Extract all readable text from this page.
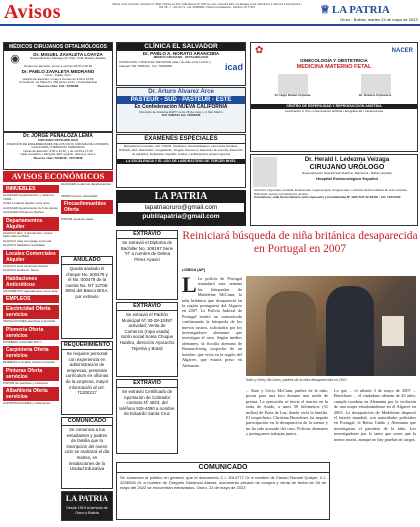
Avisos	Oficina Oruro (Central): Camacho Nº 1892 • Oficina La Paz: Calle Mexico Nº 1632 (ex-esq. Colombia Edif. Los Rosales Local, Mezzanine 1 Oficina 6 Cocha-bamba • Telf: 08 - 7 - 201 20 74 - Cel. 62984368 • Oficina Cochabamba - Telefono: 64 77207
♕	LA PATRIA
Oruro - Bolivia, martes 23 de mayo de 2023
MÉDICOS CIRUJANOS OFTALMÓLOGOS
◉	Dr. MIGUEL ZAVALETA LOAYZA
Especialización Santiago de Chile, Chile Madrid, España
Horario de atención: Lunes a viernes 18:30 a 20:00
Dr. PABLO ZAVALETA MEDRANO
Lima - Trujillo, Perú
Horario de atención: Lunes a viernes de 9:00 a 12:00
Consultorio: La Plata No. 152 (entre Junín y Cochabamba)
Reserve citas: Telf.: 5250688
Dr. JORGE PEÑALOZA LEMA
CIRUJANO OFTALMÓLOGO
ATENCIÓN DE ENFERMEDADES DE LOS OJOS, CIRUGÍA DE CATARATA, GLAUCOMA, PTERIGION, PARPADOS
Horas de atención: 8:00 a 11:30, y de 14:00 a 17:30
Calle Camacho y Murguía, Edif. Ignacio, oficina 2, piso 1
Reserve citas: 5250640 - 72474838
AVISOS ECONÓMICOS
INMUEBLES
ALQUILER departamentos y casas tel 72463 ...
CASA 4 cuartos alquiler zona norte
ALQUILER departamento Av 6 de Agosto
ALQUILER oficinas Av. Bolívar
Departamentos Alquiler
ALQUILO dpto. 2 dormitorios, cocina, baño calle La Plata
ALQUILO casa con garaje zona sud
ALQUILO habitación amoblada
Locales Comerciales Alquiler
ALQUILO local comercial céntrico
ALQUILO tienda Av. Tacna
Habitaciones Anticréticos
ANTICRÉTICO departamento zona norte
EMPLEOS
Electricidad Oferta servicios
INSTALACIONES eléctricas a domicilio
Plomería Oferta servicios
PLOMERO a domicilio Telf 7...
Carpintería Oferta servicios
MUEBLES a medida, precios cómodos
Pinturas Oferta servicios
PINTOR de interiores y exteriores
Albañilería Oferta servicios
CONSTRUCCIONES y refacciones
ALQUILER modernos departamentos
VENDO terreno urbanizado
Fincas/Inmuebles Oferta
PINTOR venta de casas
ANULADO
Queda anulado el cheque No. 000478 y el No. 000479 de la cuenta No. NT 12708-8004 del Banco BISA, por extravío
REQUERIMIENTO
Se requiere personal con experiencia en administración de empresas, presentar currículum en oficinas de la empresa, mayor información al cel. 71200217
COMUNICADO
Se comunica a los estudiantes y padres de familia que la inscripción del nuevo ciclo se realizará el día martes, en instalaciones de la Unidad Educativa
LA PATRIA
Desde 1919 al servicio de Oruro y Bolivia
CLÍNICA EL SALVADOR
Dr. PABLO A. NORATO ARANCIBIA
MÉDICO CIRUJANO - OFTALMÓLOGO
CONSULTAS: CLÍNICA EL SALVADOR calle Luis Ade entre La Paz y Vásquez Telf: 5281234 - Cel. 72460088	icad
Dr. Arturo Álvarez Arce
PASTEUR - SUD - PASTEUR - ESTE
Ex Confederación NUEVA CALIFORNIA
Dirección de Horarios E4077 entre 28 de mayo y C.San Martín
Telf. 5283131 Cel. 72462332
EXAMENES ESPECIALES
Marcadores tumorales, HIV, COVID, Cardíacos, Reumatológicos, Hormonas tiroideas, DOGAS, ASA, Electrolitos, Coagulación, Drogas, Diverso Z, Detección de Anemia, Detección de parásitos, Embarazo, hepatitis, Cultivo y antibiograma, Espermograma
LA EXCELENCIA Y EL USO DE LABORATORIO DE TERCER NIVEL
LA PATRIA
lapatriaoruro@gmail.com
publilapatria@gmail.com
EXTRAVÍO
Se extravió el Diploma de Bachiller No. 108197 Serie "H" a nombre de Delma Pérez Ayaviri
EXTRAVÍO
Se extravió el Padrón Municipal Nº 30-28-10497 actividad: Venta de Comercio (ropa usada) razón social Sonia Choque Huallco, dirección Ayacucho Tejerina y Brasil
EXTRAVÍO
Se extravió Certificado de Aportación de Cobrador contrato Nº 4823, del teléfono 525-4090 a nombre de Eduardo Santa Cruz
✿	NACER
GINECOLOGÍA Y OBSTETRICIA
MEDICINA MATERNO FETAL
Dr. Hugo Rubén Urquieta	Dr. Roberto Urquieta A.
CENTRO DE ESPERILIDAD Y REPRODUCCIÓN ASISTIDA
Fertilización in vitro • Inseminación artificial • Ecografía 4D • Laparoscopia
Dr. Herald I. Ledezma Veizaga
CIRUJANO URÓLOGO
Especialización Hospital Vall d'Hebron, Barcelona - Bolivia, España
Hospital Endourológico Español
Atención: Urgencias, próstata, Endoscopia, Laparoscopia, Cirugía Láser, Litotricia, Enfermedades de vías urinarias, Disfunción sexual, Incontinencia urinaria
Consultorio: calle Soria Galvarro entre Ayacucho y Cochabamba Nº 4420 Telf: 52 84442 - Cel. 72471230
Reiniciará búsqueda de niña británica desaparecida en Portugal en 2007
LISBOA (AP)
L La policía de Portugal reanudará esta semana las búsquedas de Madeleine McCann, la niña británica que desapareció en la región portuguesa del Algarve en 2007. La Policía Judicial de Portugal emitió un comunicado confirmando la búsqueda de los nuevos rastros, solicitados por los investigadores alemanes que investigan el caso. Según medios alemanes, la fiscalía alemana de Braunschweig sospecha de un hombre, que vivía en la región del Algarve, que estaría preso en Alemania.
Kate y Gerry McCann, padres de la niña desaparecida en 2007.
... Kate y Gerry McCann, padres de la niña, posan para una foto durante una rueda de prensa. La operación se inicia el martes en la zona de Arade, a unos 50 kilómetros (31 millas) de Praia da Luz, donde vivía la familia. El sospechoso, Christian Brueckner, ha negado participación en la desaparición de la menor y no ha sido acusado del caso. Policías alemanes y portugueses trabajan juntos.
Lo que ... el sábado 3 de mayo de 2007 ... Brueckner ... el ciudadano alemán de 45 años, cumple condena en Alemania por la violación de una mujer estadounidense en el Algarve en 2005. La desaparición de Madeleine despertó el interés mundial, con autoridades policiales en Portugal, el Reino Unido y Alemania que investigaron el paradero de la niña. Los investigadores por lo tanto que creen que la menor murió, aunque no hay pruebas ni cargos.
COMUNICADO
Se comunica al público en general, que el documento C.I. 3014777 Or a nombre de Fausto Ronald Quispe, C.I. 4236928 Or a nombre de Gregorio Sandoval Alanes, documento privado de compra y venta de fecha de 26 de mayo del 2022 se encuentran extraviados. Oruro, 22 de mayo de 2023
